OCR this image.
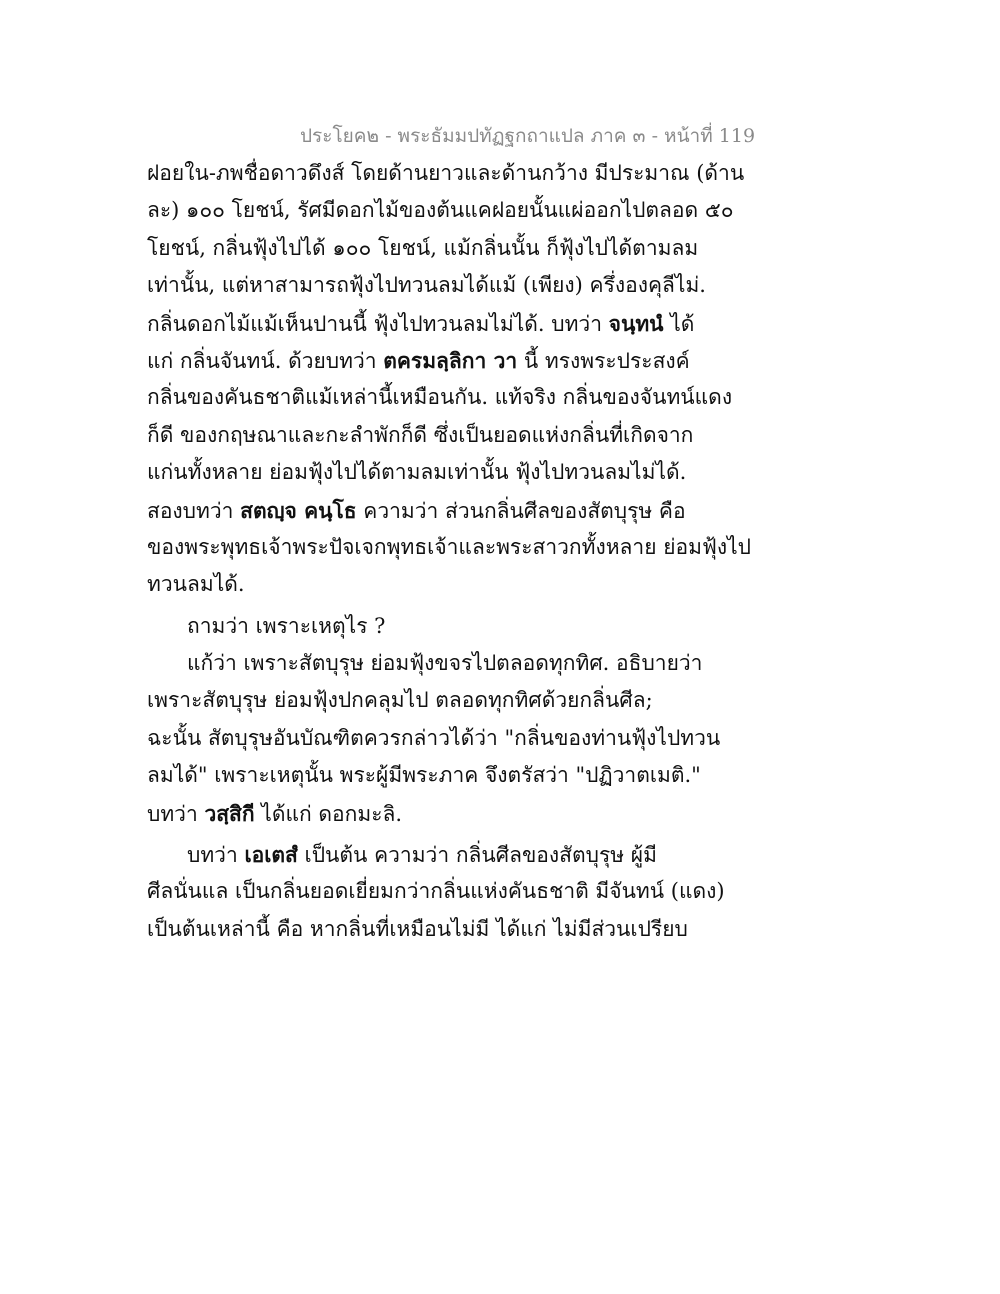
ประโยค๒ - พระธัมมปทัฏฐกถาแปล ภาค ๓ - หน้าที่ 119
ฝอยใน-ภพชื่อดาวดึงส์ โดยด้านยาวและด้านกว้าง มีประมาณ (ด้าน
ละ) ๑๐๐ โยชน์, รัศมีดอกไม้ของต้นแคฝอยนั้นแผ่ออกไปตลอด ๕๐
โยชน์, กลิ่นฟุ้งไปได้ ๑๐๐ โยชน์, แม้กลิ่นนั้น ก็ฟุ้งไปได้ตามลม
เท่านั้น, แต่หาสามารถฟุ้งไปทวนลมได้แม้ (เพียง) ครึ่งองคุลีไม่.
กลิ่นดอกไม้แม้เห็นปานนี้ ฟุ้งไปทวนลมไม่ได้. บทว่า จนฺทนํ ได้
แก่ กลิ่นจันทน์. ด้วยบทว่า ตครมลฺลิกา วา นี้ ทรงพระประสงค์
กลิ่นของคันธชาติแม้เหล่านี้เหมือนกัน. แท้จริง กลิ่นของจันทน์แดง
ก็ดี ของกฤษณาและกะลำพักก็ดี ซึ่งเป็นยอดแห่งกลิ่นที่เกิดจาก
แก่นทั้งหลาย ย่อมฟุ้งไปได้ตามลมเท่านั้น ฟุ้งไปทวนลมไม่ได้.
สองบทว่า สตญฺจ คนฺโธ ความว่า ส่วนกลิ่นศีลของสัตบุรุษ คือ
ของพระพุทธเจ้าพระปัจเจกพุทธเจ้าและพระสาวกทั้งหลาย ย่อมฟุ้งไป
ทวนลมได้.
ถามว่า เพราะเหตุไร ?
แก้ว่า เพราะสัตบุรุษ ย่อมฟุ้งขจรไปตลอดทุกทิศ. อธิบายว่า
เพราะสัตบุรุษ ย่อมฟุ้งปกคลุมไป ตลอดทุกทิศด้วยกลิ่นศีล;
ฉะนั้น สัตบุรุษอันบัณฑิตควรกล่าวได้ว่า "กลิ่นของท่านฟุ้งไปทวน
ลมได้" เพราะเหตุนั้น พระผู้มีพระภาค จึงตรัสว่า "ปฏิวาตเมติ."
บทว่า วสฺสิกี ได้แก่ ดอกมะลิ.
บทว่า เอเตสํ เป็นต้น ความว่า กลิ่นศีลของสัตบุรุษ ผู้มี
ศีลนั่นแล เป็นกลิ่นยอดเยี่ยมกว่ากลิ่นแห่งคันธชาติ มีจันทน์ (แดง)
เป็นต้นเหล่านี้ คือ หากลิ่นที่เหมือนไม่มี ได้แก่ ไม่มีส่วนเปรียบ
